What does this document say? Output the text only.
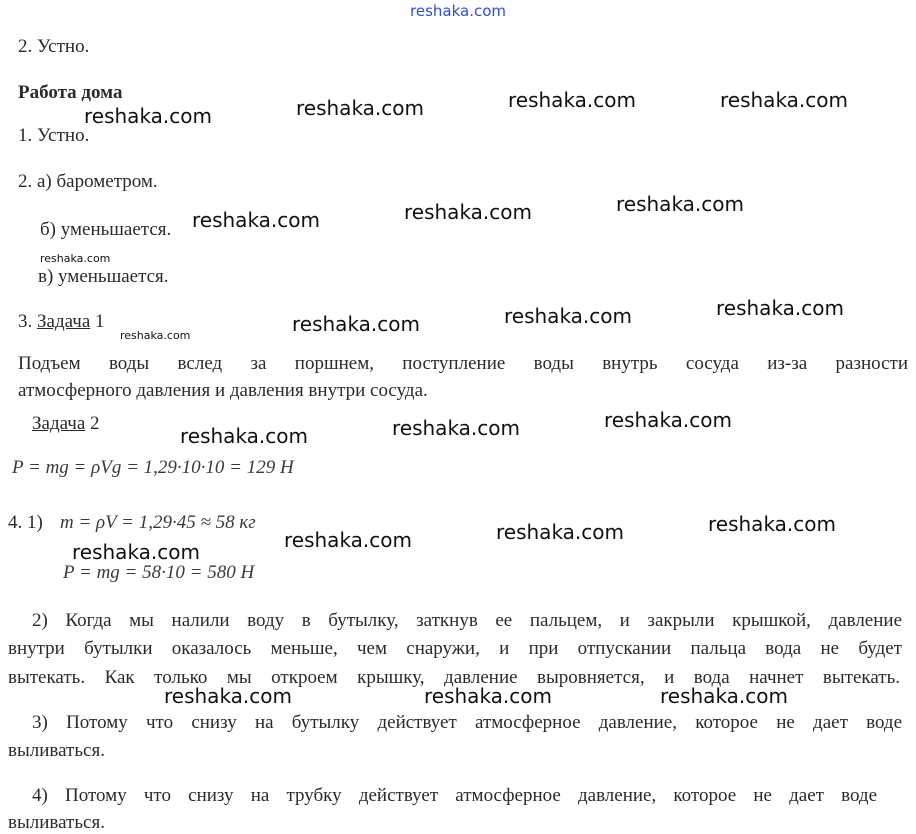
reshaka.com
2. Устно.
Работа дома
1. Устно.
2. а) барометром.
б) уменьшается.
в) уменьшается.
3. Задача 1
Подъем воды вслед за поршнем, поступление воды внутрь сосуда из-за разности
атмосферного давления и давления внутри сосуда.
Задача 2
P = mg = ρVg = 1,29·10·10 = 129 Н
4. 1) m = ρV = 1,29·45 ≈ 58 кг
P = mg = 58·10 = 580 Н
2) Когда мы налили воду в бутылку, заткнув ее пальцем, и закрыли крышкой, давление
внутри бутылки оказалось меньше, чем снаружи, и при отпускании пальца вода не будет
вытекать. Как только мы откроем крышку, давление выровняется, и вода начнет вытекать.
3) Потому что снизу на бутылку действует атмосферное давление, которое не дает воде
выливаться.
4) Потому что снизу на трубку действует атмосферное давление, которое не дает воде
выливаться.
reshaka.com	reshaka.com	reshaka.com	reshaka.com
reshaka.com	reshaka.com	reshaka.com
reshaka.com
reshaka.com	reshaka.com	reshaka.com	reshaka.com
reshaka.com	reshaka.com	reshaka.com
reshaka.com	reshaka.com	reshaka.com	reshaka.com
reshaka.com	reshaka.com	reshaka.com
